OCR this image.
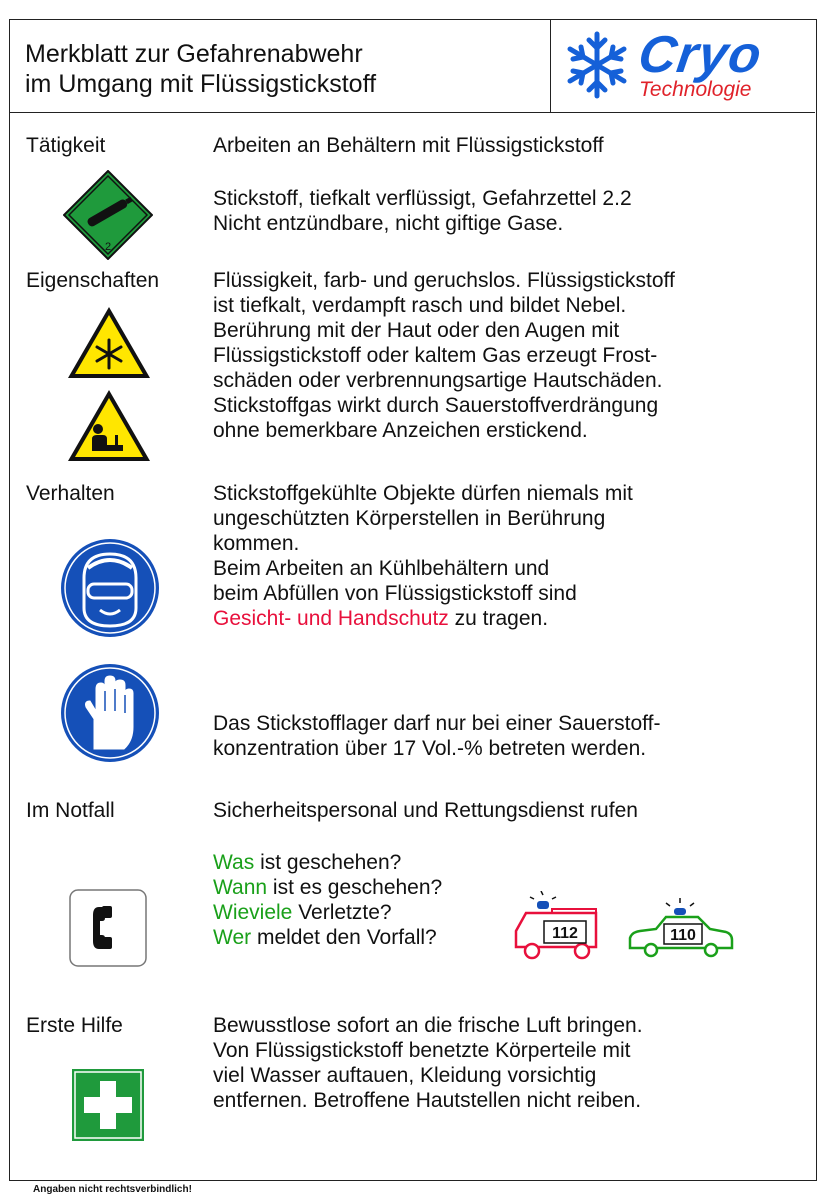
Merkblatt zur Gefahrenabwehr
im Umgang mit Flüssigstickstoff	Cryo
Technologie
Tätigkeit	Arbeiten an Behältern mit Flüssigstickstoff
Stickstoff, tiefkalt verflüssigt, Gefahrzettel 2.2
Nicht entzündbare, nicht giftige Gase.
2
Eigenschaften	Flüssigkeit, farb- und geruchslos. Flüssigstickstoff
ist tiefkalt, verdampft rasch und bildet Nebel.
Berührung mit der Haut oder den Augen mit
Flüssigstickstoff oder kaltem Gas erzeugt Frost-
schäden oder verbrennungsartige Hautschäden.
Stickstoffgas wirkt durch Sauerstoffverdrängung
ohne bemerkbare Anzeichen erstickend.
Verhalten	Stickstoffgekühlte Objekte dürfen niemals mit
ungeschützten Körperstellen in Berührung
kommen.
Beim Arbeiten an Kühlbehältern und
beim Abfüllen von Flüssigstickstoff sind
Gesicht- und Handschutz zu tragen.
Das Stickstofflager darf nur bei einer Sauerstoff-
konzentration über 17 Vol.-% betreten werden.
Im Notfall	Sicherheitspersonal und Rettungsdienst rufen
Was ist geschehen?
Wann ist es geschehen?
Wieviele Verletzte?
Wer meldet den Vorfall?	112	110
Erste Hilfe	Bewusstlose sofort an die frische Luft bringen.
Von Flüssigstickstoff benetzte Körperteile mit
viel Wasser auftauen, Kleidung vorsichtig
entfernen. Betroffene Hautstellen nicht reiben.
Angaben nicht rechtsverbindlich!
